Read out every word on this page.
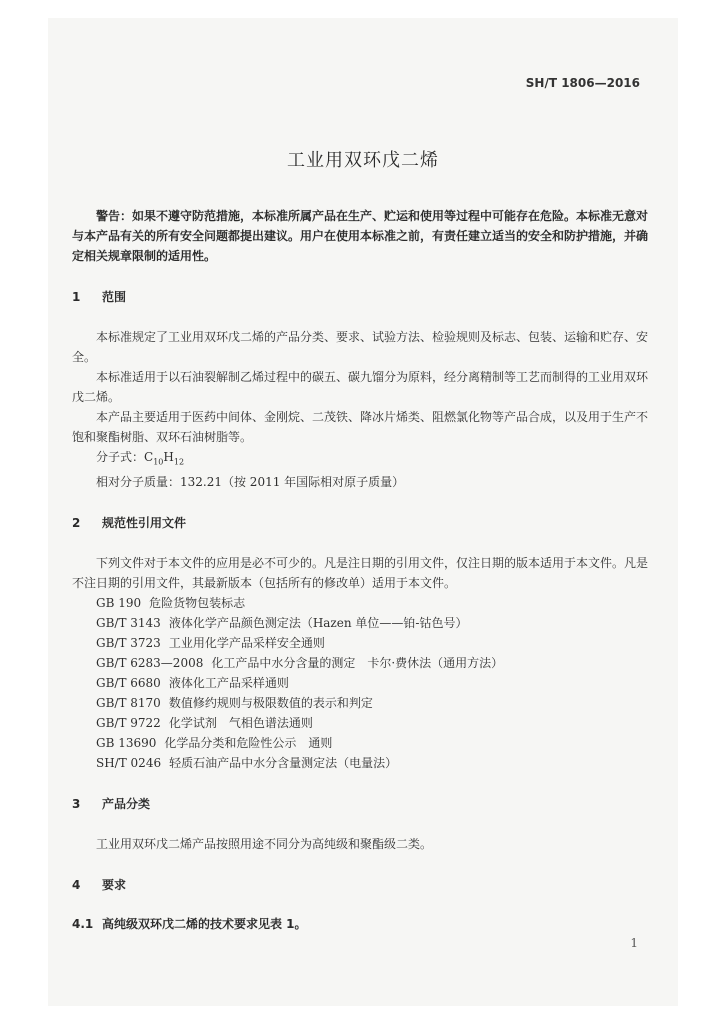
SH/T 1806—2016
工业用双环戊二烯

警告：如果不遵守防范措施，本标准所属产品在生产、贮运和使用等过程中可能存在危险。本标准无意对与本产品有关的所有安全问题都提出建议。用户在使用本标准之前，有责任建立适当的安全和防护措施，并确定相关规章限制的适用性。

1 范围

本标准规定了工业用双环戊二烯的产品分类、要求、试验方法、检验规则及标志、包装、运输和贮存、安全。

本标准适用于以石油裂解制乙烯过程中的碳五、碳九馏分为原料，经分离精制等工艺而制得的工业用双环戊二烯。

本产品主要适用于医药中间体、金刚烷、二茂铁、降冰片烯类、阻燃氯化物等产品合成，以及用于生产不饱和聚酯树脂、双环石油树脂等。

分子式：$C_{10}H_{12}$

相对分子质量：132.21（按 2011 年国际相对原子质量）

2 规范性引用文件

下列文件对于本文件的应用是必不可少的。凡是注日期的引用文件，仅注日期的版本适用于本文件。凡是不注日期的引用文件，其最新版本（包括所有的修改单）适用于本文件。

GB 190 危险货物包装标志
GB/T 3143 液体化学产品颜色测定法（Hazen 单位——铂-钴色号）
GB/T 3723 工业用化学产品采样安全通则
GB/T 6283—2008 化工产品中水分含量的测定　卡尔·费休法（通用方法）
GB/T 6680 液体化工产品采样通则
GB/T 8170 数值修约规则与极限数值的表示和判定
GB/T 9722 化学试剂　气相色谱法通则
GB 13690 化学品分类和危险性公示　通则
SH/T 0246 轻质石油产品中水分含量测定法（电量法）
3 产品分类

工业用双环戊二烯产品按照用途不同分为高纯级和聚酯级二类。

4 要求
4.1 高纯级双环戊二烯的技术要求见表 1。
1
